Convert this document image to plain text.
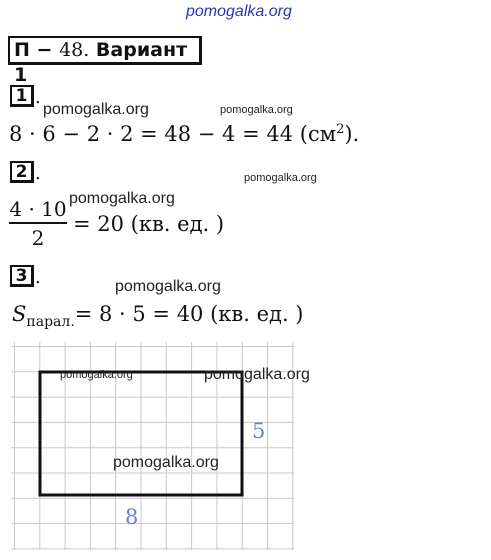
pomogalka.org
П − 48. Вариант 1
1 .
pomogalka.org	pomogalka.org
8 · 6 − 2 · 2 = 48 − 4 = 44 $(см^2)$.
2 .
pomogalka.org
pomogalka.org
4 · 10
2
= 20 (кв. ед. )
3 .	pomogalka.org
$S_{парал.}= 8 \cdot 5 = 40$ (кв. ед. )
pomogalka.org	pomogalka.org
pomogalka.org
5
8
